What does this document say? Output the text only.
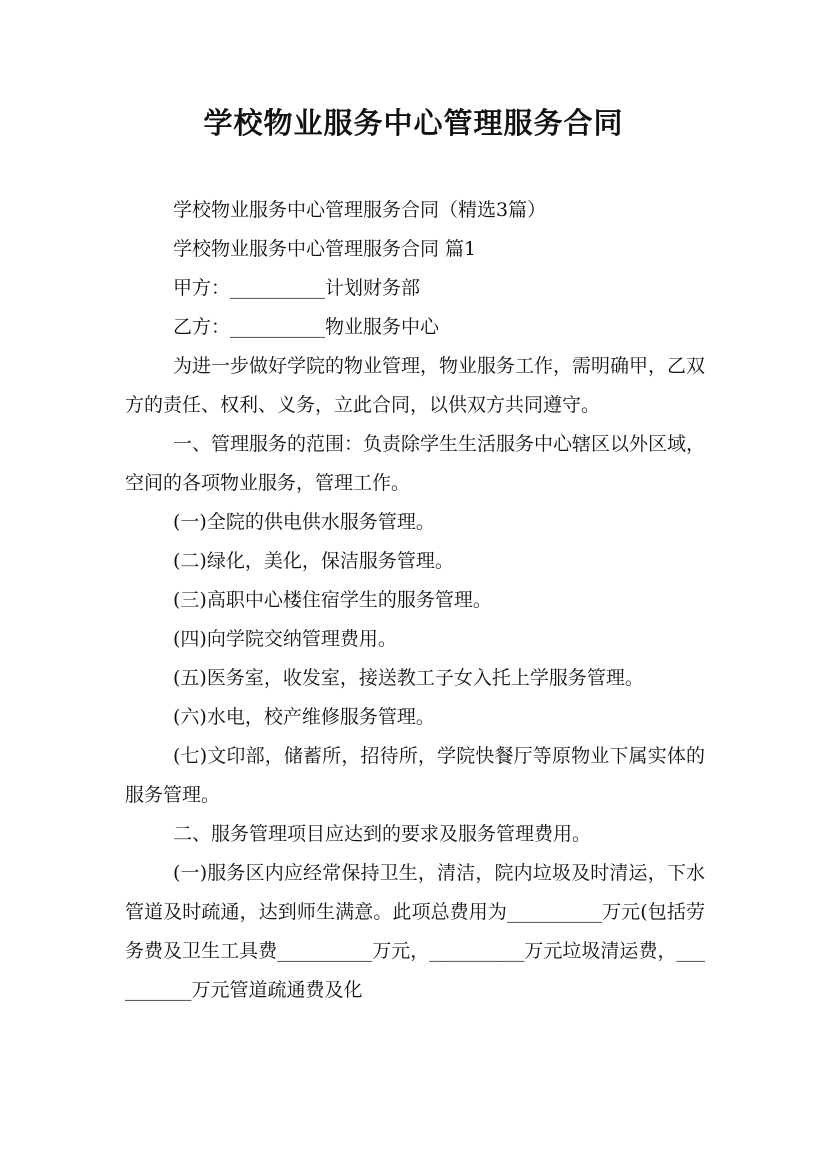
学校物业服务中心管理服务合同

学校物业服务中心管理服务合同（精选3篇）

学校物业服务中心管理服务合同 篇1

甲方：__________计划财务部

乙方：__________物业服务中心

为进一步做好学院的物业管理，物业服务工作，需明确甲，乙双方的责任、权利、义务，立此合同，以供双方共同遵守。

一、管理服务的范围：负责除学生生活服务中心辖区以外区域，空间的各项物业服务，管理工作。

(一)全院的供电供水服务管理。

(二)绿化，美化，保洁服务管理。

(三)高职中心楼住宿学生的服务管理。

(四)向学院交纳管理费用。

(五)医务室，收发室，接送教工子女入托上学服务管理。

(六)水电，校产维修服务管理。

(七)文印部，储蓄所，招待所，学院快餐厅等原物业下属实体的服务管理。

二、服务管理项目应达到的要求及服务管理费用。

(一)服务区内应经常保持卫生，清洁，院内垃圾及时清运，下水管道及时疏通，达到师生满意。此项总费用为__________万元(包括劳务费及卫生工具费__________万元，__________万元垃圾清运费，__________万元管道疏通费及化
